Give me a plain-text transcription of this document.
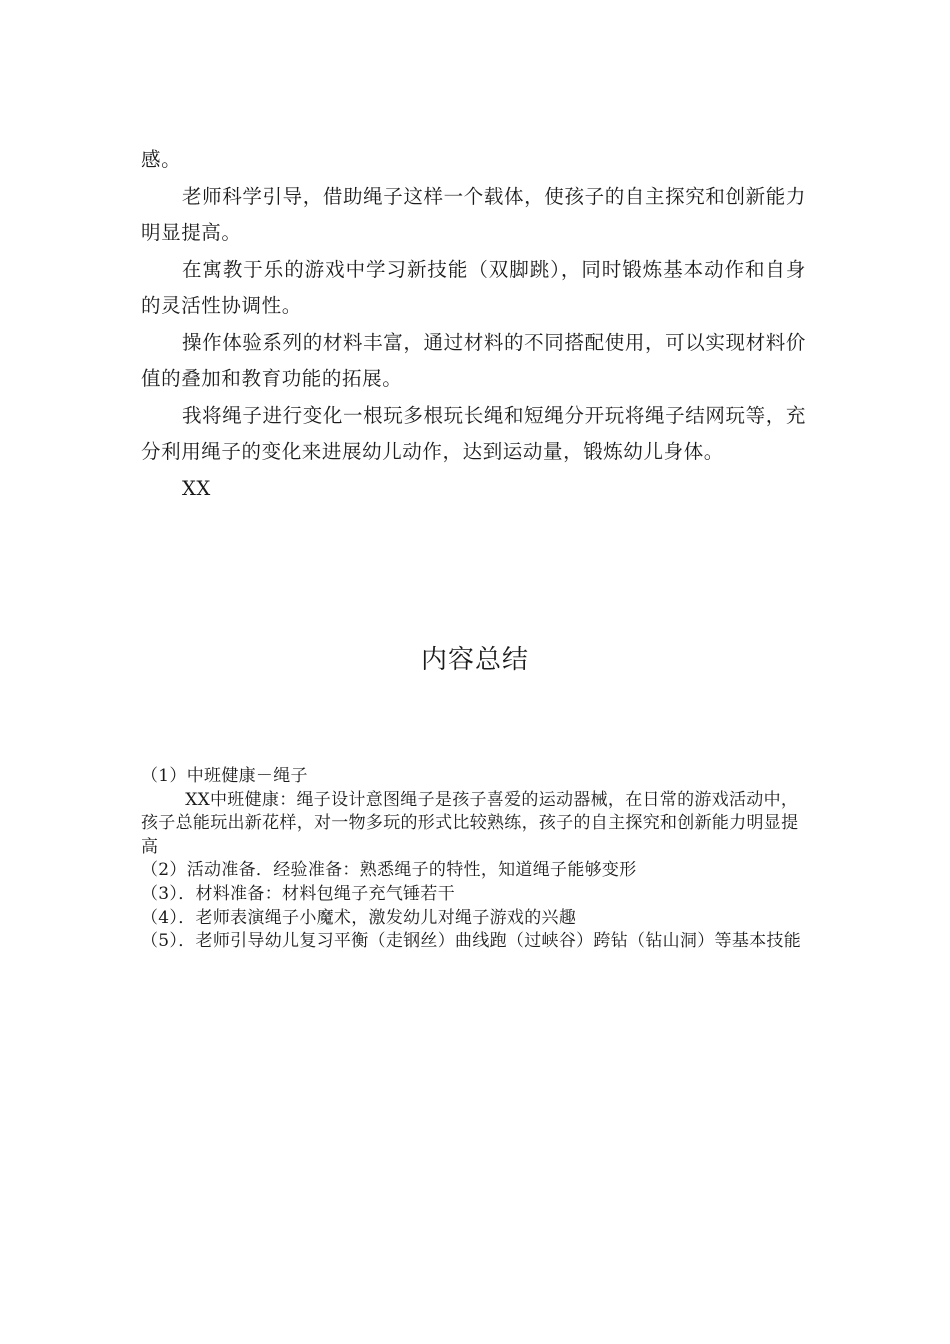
感。

老师科学引导，借助绳子这样一个载体，使孩子的自主探究和创新能力明显提高。

在寓教于乐的游戏中学习新技能（双脚跳），同时锻炼基本动作和自身的灵活性协调性。

操作体验系列的材料丰富，通过材料的不同搭配使用，可以实现材料价值的叠加和教育功能的拓展。

我将绳子进行变化一根玩多根玩长绳和短绳分开玩将绳子结网玩等，充分利用绳子的变化来进展幼儿动作，达到运动量，锻炼幼儿身体。

XX

内容总结

（1）中班健康－绳子

XX中班健康：绳子设计意图绳子是孩子喜爱的运动器械，在日常的游戏活动中，孩子总能玩出新花样，对一物多玩的形式比较熟练，孩子的自主探究和创新能力明显提高

（2）活动准备．经验准备：熟悉绳子的特性，知道绳子能够变形

（3）．材料准备：材料包绳子充气锤若干

（4）．老师表演绳子小魔术，激发幼儿对绳子游戏的兴趣

（5）．老师引导幼儿复习平衡（走钢丝）曲线跑（过峡谷）跨钻（钻山洞）等基本技能
